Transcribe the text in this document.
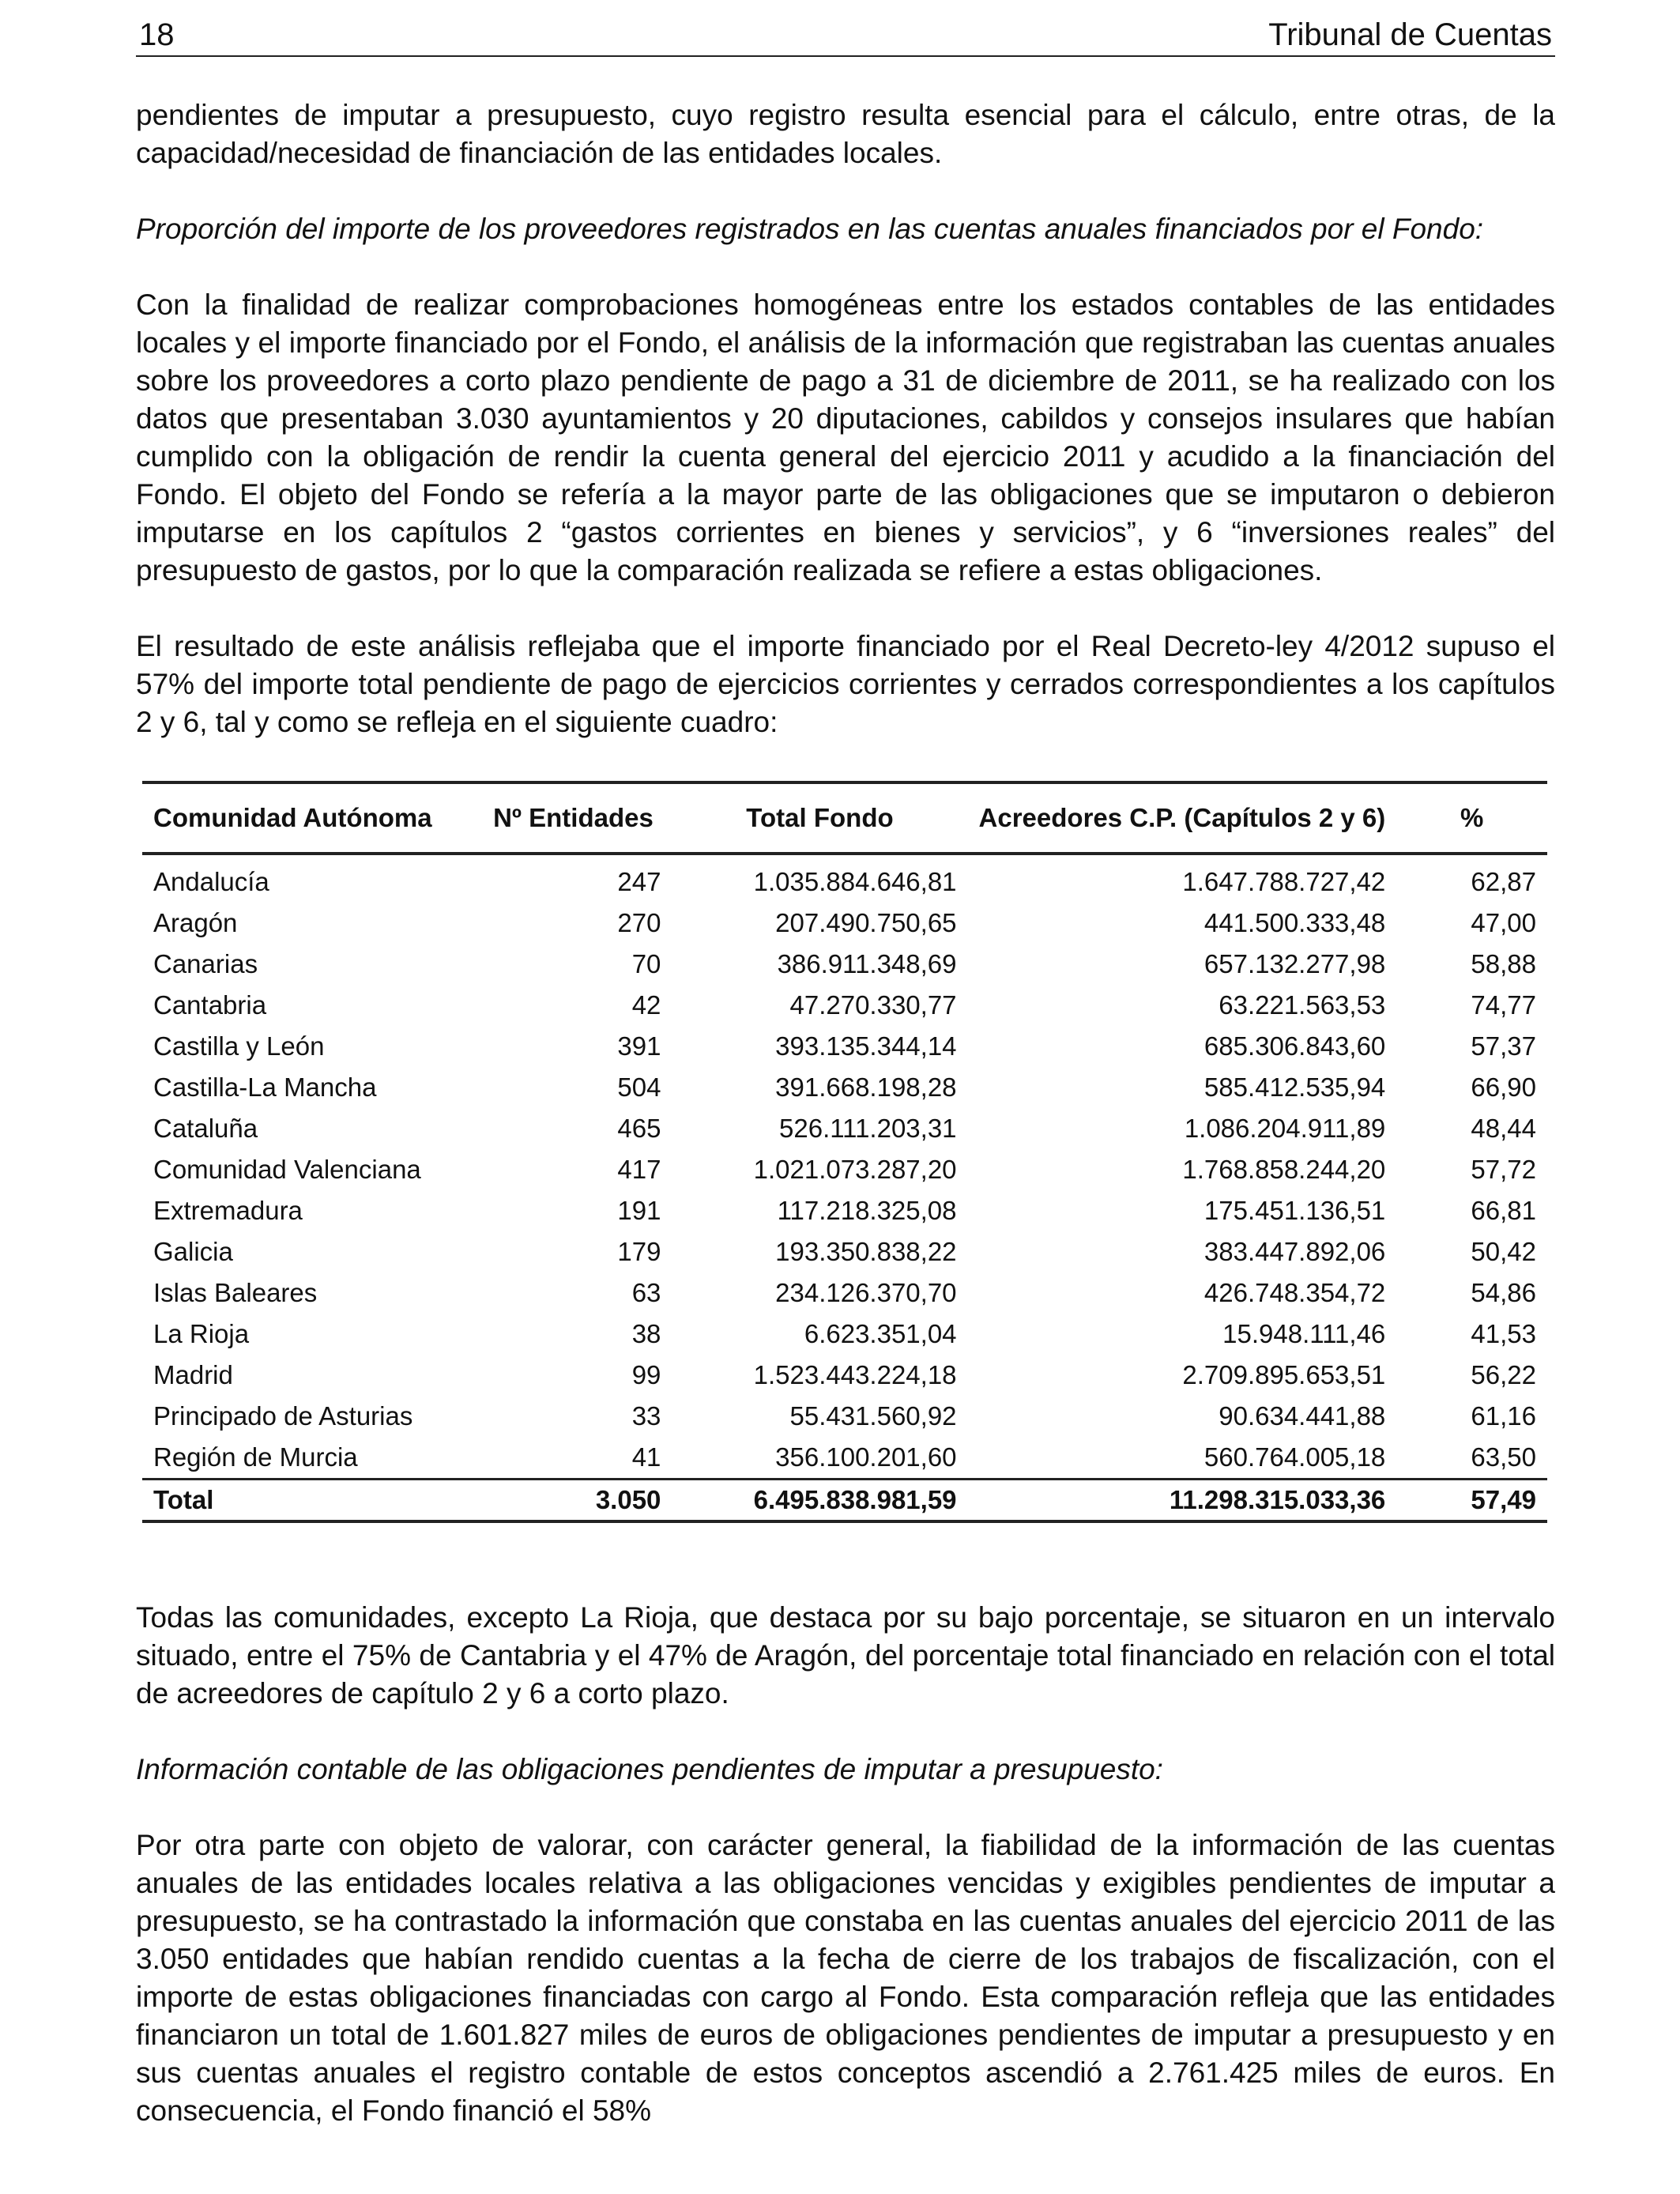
18	Tribunal de Cuentas

pendientes de imputar a presupuesto, cuyo registro resulta esencial para el cálculo, entre otras, de la capacidad/necesidad de financiación de las entidades locales.

Proporción del importe de los proveedores registrados en las cuentas anuales financiados por el Fondo:

Con la finalidad de realizar comprobaciones homogéneas entre los estados contables de las entidades locales y el importe financiado por el Fondo, el análisis de la información que registraban las cuentas anuales sobre los proveedores a corto plazo pendiente de pago a 31 de diciembre de 2011, se ha realizado con los datos que presentaban 3.030 ayuntamientos y 20 diputaciones, cabildos y consejos insulares que habían cumplido con la obligación de rendir la cuenta general del ejercicio 2011 y acudido a la financiación del Fondo. El objeto del Fondo se refería a la mayor parte de las obligaciones que se imputaron o debieron imputarse en los capítulos 2 “gastos corrientes en bienes y servicios”, y 6 “inversiones reales” del presupuesto de gastos, por lo que la comparación realizada se refiere a estas obligaciones.

El resultado de este análisis reflejaba que el importe financiado por el Real Decreto-ley 4/2012 supuso el 57% del importe total pendiente de pago de ejercicios corrientes y cerrados correspondientes a los capítulos 2 y 6, tal y como se refleja en el siguiente cuadro:

Comunidad Autónoma	Nº Entidades	Total Fondo	Acreedores C.P. (Capítulos 2 y 6)	%
Andalucía	247	1.035.884.646,81	1.647.788.727,42	62,87
Aragón	270	207.490.750,65	441.500.333,48	47,00
Canarias	70	386.911.348,69	657.132.277,98	58,88
Cantabria	42	47.270.330,77	63.221.563,53	74,77
Castilla y León	391	393.135.344,14	685.306.843,60	57,37
Castilla-La Mancha	504	391.668.198,28	585.412.535,94	66,90
Cataluña	465	526.111.203,31	1.086.204.911,89	48,44
Comunidad Valenciana	417	1.021.073.287,20	1.768.858.244,20	57,72
Extremadura	191	117.218.325,08	175.451.136,51	66,81
Galicia	179	193.350.838,22	383.447.892,06	50,42
Islas Baleares	63	234.126.370,70	426.748.354,72	54,86
La Rioja	38	6.623.351,04	15.948.111,46	41,53
Madrid	99	1.523.443.224,18	2.709.895.653,51	56,22
Principado de Asturias	33	55.431.560,92	90.634.441,88	61,16
Región de Murcia	41	356.100.201,60	560.764.005,18	63,50
Total	3.050	6.495.838.981,59	11.298.315.033,36	57,49

Todas las comunidades, excepto La Rioja, que destaca por su bajo porcentaje, se situaron en un intervalo situado, entre el 75% de Cantabria y el 47% de Aragón, del porcentaje total financiado en relación con el total de acreedores de capítulo 2 y 6 a corto plazo.

Información contable de las obligaciones pendientes de imputar a presupuesto:

Por otra parte con objeto de valorar, con carácter general, la fiabilidad de la información de las cuentas anuales de las entidades locales relativa a las obligaciones vencidas y exigibles pendientes de imputar a presupuesto, se ha contrastado la información que constaba en las cuentas anuales del ejercicio 2011 de las 3.050 entidades que habían rendido cuentas a la fecha de cierre de los trabajos de fiscalización, con el importe de estas obligaciones financiadas con cargo al Fondo. Esta comparación refleja que las entidades financiaron un total de 1.601.827 miles de euros de obligaciones pendientes de imputar a presupuesto y en sus cuentas anuales el registro contable de estos conceptos ascendió a 2.761.425 miles de euros. En consecuencia, el Fondo financió el 58%
